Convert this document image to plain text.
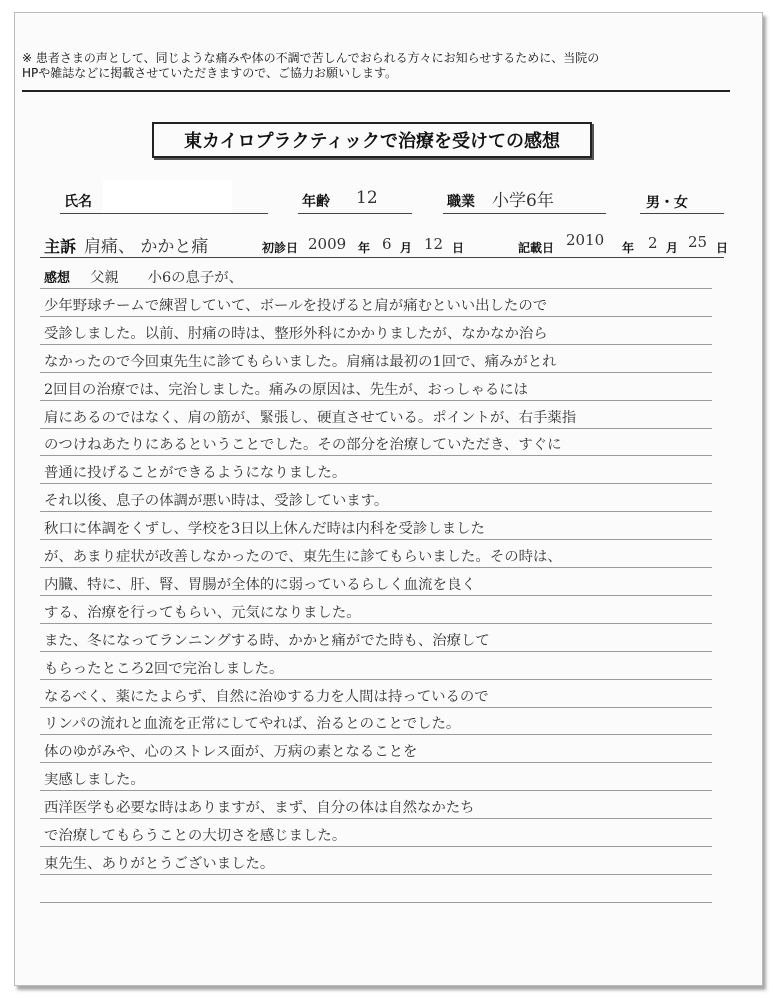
※ 患者さまの声として、同じような痛みや体の不調で苦しんでおられる方々にお知らせするために、当院の
HPや雑誌などに掲載させていただきますので、ご協力お願いします。
東カイロプラクティックで治療を受けての感想
氏名	年齢 12	職業 小学6年	男・女
主訴 肩痛、 かかと痛	初診日 2009 年 6 月 12 日	記載日 2010 年 2 月 25 日
感想 父親　　小6の息子が、
少年野球チームで練習していて、ボールを投げると肩が痛むといい出したので
受診しました。以前、肘痛の時は、整形外科にかかりましたが、なかなか治ら
なかったので今回東先生に診てもらいました。肩痛は最初の1回で、痛みがとれ
2回目の治療では、完治しました。痛みの原因は、先生が、おっしゃるには
肩にあるのではなく、肩の筋が、緊張し、硬直させている。ポイントが、右手薬指
のつけねあたりにあるということでした。その部分を治療していただき、すぐに
普通に投げることができるようになりました。
それ以後、息子の体調が悪い時は、受診しています。
秋口に体調をくずし、学校を3日以上休んだ時は内科を受診しました
が、あまり症状が改善しなかったので、東先生に診てもらいました。その時は、
内臓、特に、肝、腎、胃腸が全体的に弱っているらしく血流を良く
する、治療を行ってもらい、元気になりました。
また、冬になってランニングする時、かかと痛がでた時も、治療して
もらったところ2回で完治しました。
なるべく、薬にたよらず、自然に治ゆする力を人間は持っているので
リンパの流れと血流を正常にしてやれば、治るとのことでした。
体のゆがみや、心のストレス面が、万病の素となることを
実感しました。
西洋医学も必要な時はありますが、まず、自分の体は自然なかたち
で治療してもらうことの大切さを感じました。
東先生、ありがとうございました。
